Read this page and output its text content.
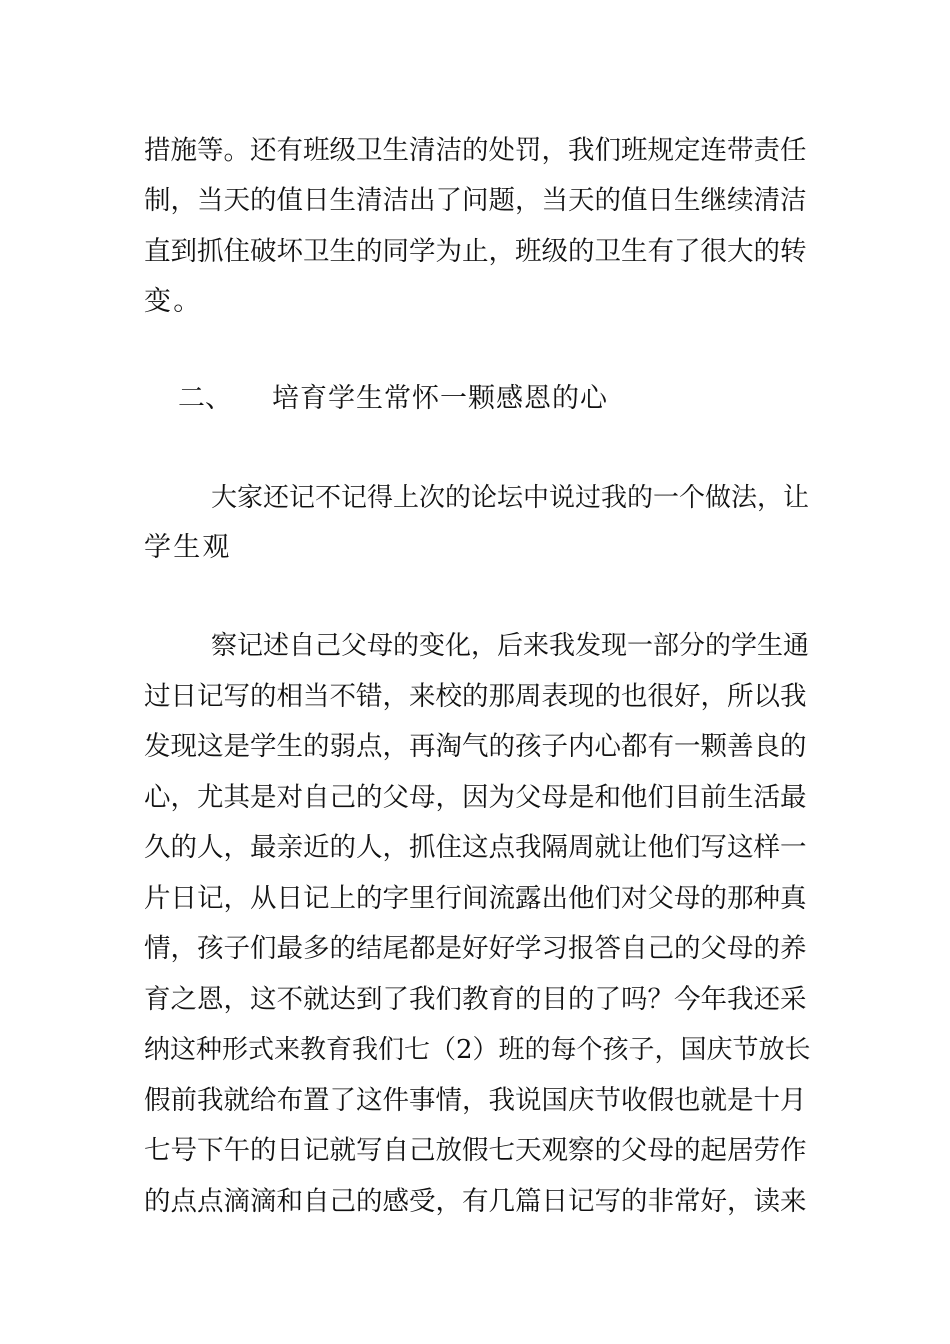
措施等。还有班级卫生清洁的处罚，我们班规定连带责任
制，当天的值日生清洁出了问题，当天的值日生继续清洁
直到抓住破坏卫生的同学为止，班级的卫生有了很大的转
变。
二、 培育学生常怀一颗感恩的心
大家还记不记得上次的论坛中说过我的一个做法，让
学生观
察记述自己父母的变化，后来我发现一部分的学生通
过日记写的相当不错，来校的那周表现的也很好，所以我
发现这是学生的弱点，再淘气的孩子内心都有一颗善良的
心，尤其是对自己的父母，因为父母是和他们目前生活最
久的人，最亲近的人，抓住这点我隔周就让他们写这样一
片日记，从日记上的字里行间流露出他们对父母的那种真
情，孩子们最多的结尾都是好好学习报答自己的父母的养
育之恩，这不就达到了我们教育的目的了吗？今年我还采
纳这种形式来教育我们七（2）班的每个孩子，国庆节放长
假前我就给布置了这件事情，我说国庆节收假也就是十月
七号下午的日记就写自己放假七天观察的父母的起居劳作
的点点滴滴和自己的感受，有几篇日记写的非常好，读来
